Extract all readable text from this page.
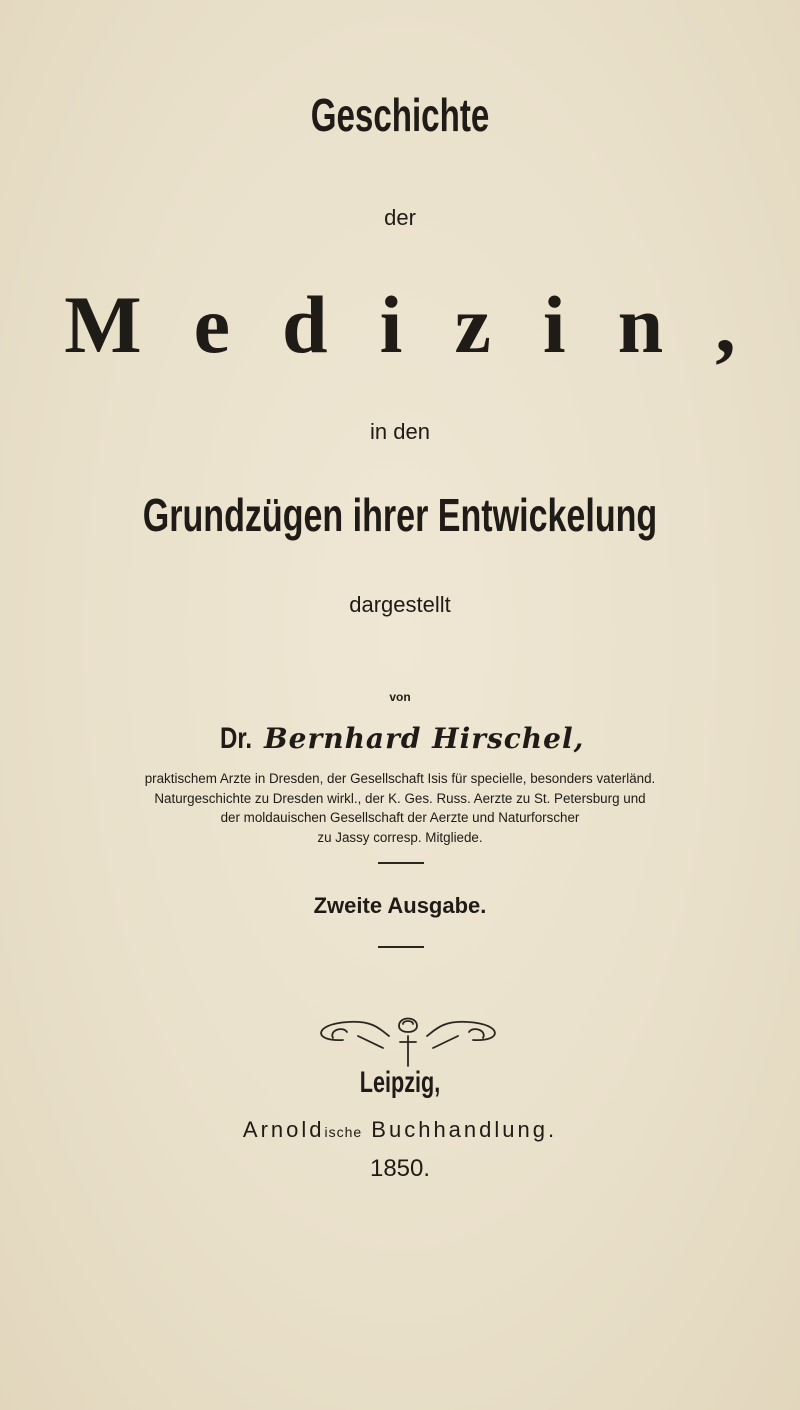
Geschichte
der
Medizin,
in den
Grundzügen ihrer Entwickelung
dargestellt
von
Dr. Bernhard Hirschel,
praktischem Arzte in Dresden, der Gesellschaft Isis für specielle, besonders vaterländ.
Naturgeschichte zu Dresden wirkl., der K. Ges. Russ. Aerzte zu St. Petersburg und
der moldauischen Gesellschaft der Aerzte und Naturforscher
zu Jassy corresp. Mitgliede.
Zweite Ausgabe.
Leipzig,
Arnoldische Buchhandlung.
1850.
